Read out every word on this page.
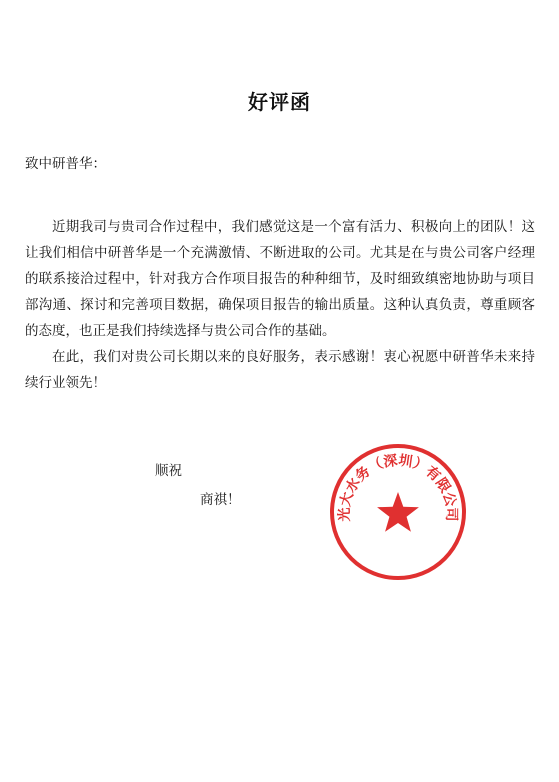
好评函
致中研普华：

近期我司与贵司合作过程中，我们感觉这是一个富有活力、积极向上的团队！这让我们相信中研普华是一个充满激情、不断进取的公司。尤其是在与贵公司客户经理的联系接洽过程中，针对我方合作项目报告的种种细节，及时细致缜密地协助与项目部沟通、探讨和完善项目数据，确保项目报告的输出质量。这种认真负责，尊重顾客的态度，也正是我们持续选择与贵公司合作的基础。

在此，我们对贵公司长期以来的良好服务，表示感谢！衷心祝愿中研普华未来持续行业领先！

顺祝
商祺！
光大水务（深圳）有限公司
